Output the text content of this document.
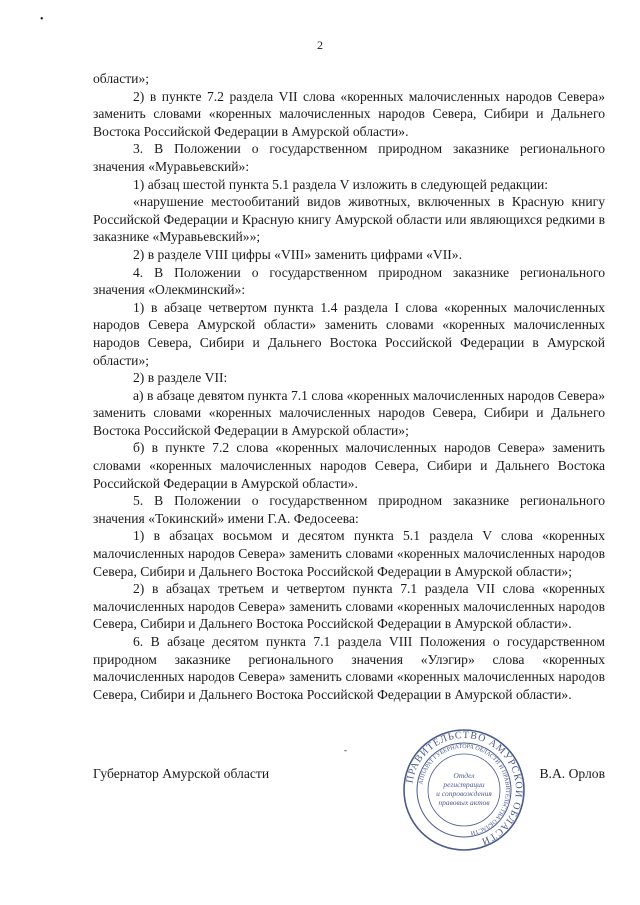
•
2

области»;

2) в пункте 7.2 раздела VII слова «коренных малочисленных народов Севера» заменить словами «коренных малочисленных народов Севера, Сибири и Дальнего Востока Российской Федерации в Амурской области».

3. В Положении о государственном природном заказнике регионального значения «Муравьевский»:

1) абзац шестой пункта 5.1 раздела V изложить в следующей редакции:

«нарушение местообитаний видов животных, включенных в Красную книгу Российской Федерации и Красную книгу Амурской области или являющихся редкими в заказнике «Муравьевский»»;

2) в разделе VIII цифры «VIII» заменить цифрами «VII».

4. В Положении о государственном природном заказнике регионального значения «Олекминский»:

1) в абзаце четвертом пункта 1.4 раздела I слова «коренных малочисленных народов Севера Амурской области» заменить словами «коренных малочисленных народов Севера, Сибири и Дальнего Востока Российской Федерации в Амурской области»;

2) в разделе VII:

а) в абзаце девятом пункта 7.1 слова «коренных малочисленных народов Севера» заменить словами «коренных малочисленных народов Севера, Сибири и Дальнего Востока Российской Федерации в Амурской области»;

б) в пункте 7.2 слова «коренных малочисленных народов Севера» заменить словами «коренных малочисленных народов Севера, Сибири и Дальнего Востока Российской Федерации в Амурской области».

5. В Положении о государственном природном заказнике регионального значения «Токинский» имени Г.А. Федосеева:

1) в абзацах восьмом и десятом пункта 5.1 раздела V слова «коренных малочисленных народов Севера» заменить словами «коренных малочисленных народов Севера, Сибири и Дальнего Востока Российской Федерации в Амурской области»;

2) в абзацах третьем и четвертом пункта 7.1 раздела VII слова «коренных малочисленных народов Севера» заменить словами «коренных малочисленных народов Севера, Сибири и Дальнего Востока Российской Федерации в Амурской области».

6. В абзаце десятом пункта 7.1 раздела VIII Положения о государственном природном заказнике регионального значения «Улэгир» слова «коренных малочисленных народов Севера» заменить словами «коренных малочисленных народов Севера, Сибири и Дальнего Востока Российской Федерации в Амурской области».

-
Губернатор Амурской области	В.А. Орлов
ПРАВИТЕЛЬСТВО АМУРСКОЙ ОБЛАСТИ
АППАРАТ ГУБЕРНАТОРА ОБЛАСТИ И ПРАВИТЕЛЬСТВА ОБЛАСТИ
Отдел
регистрации
и сопровождения
правовых актов
